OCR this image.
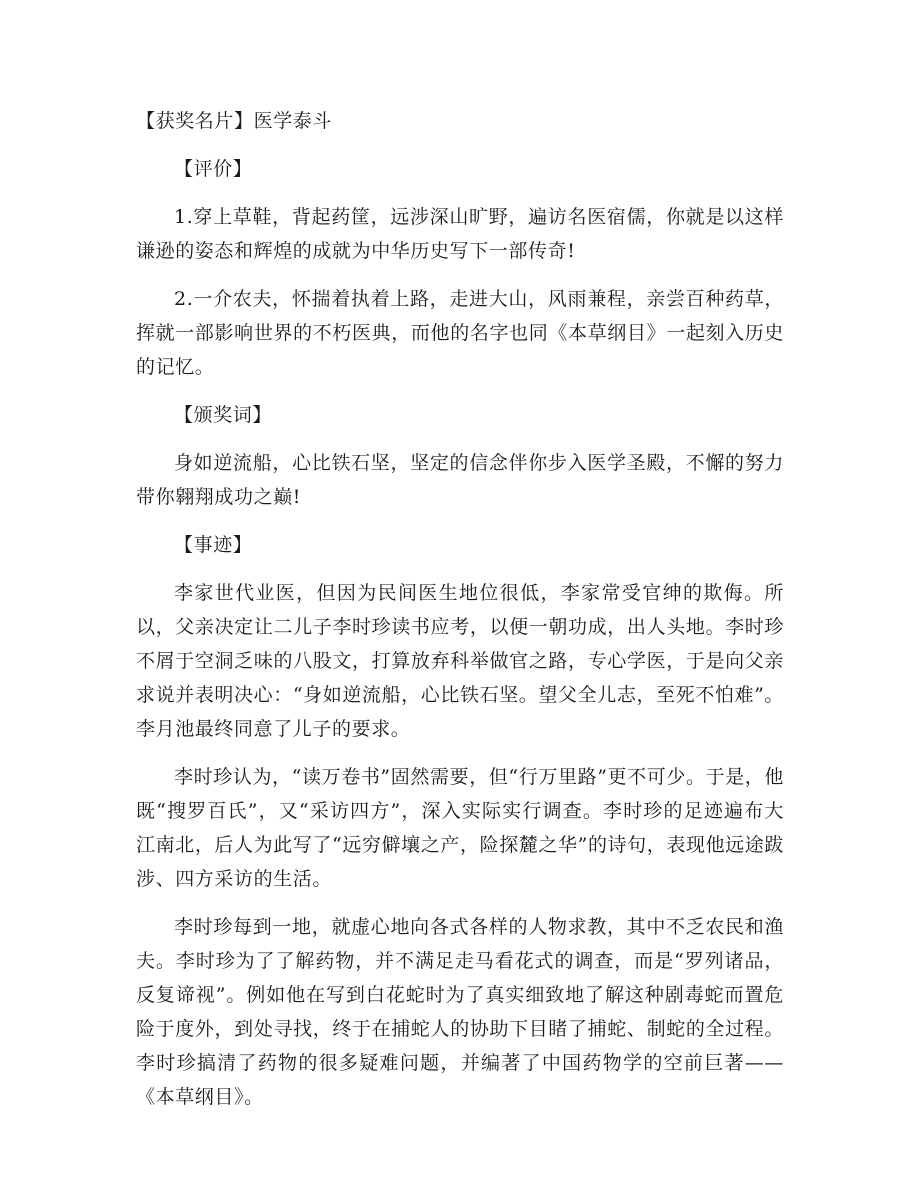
【获奖名片】医学泰斗

【评价】

1.穿上草鞋，背起药筐，远涉深山旷野，遍访名医宿儒，你就是以这样谦逊的姿态和辉煌的成就为中华历史写下一部传奇!

2.一介农夫，怀揣着执着上路，走进大山，风雨兼程，亲尝百种药草，挥就一部影响世界的不朽医典，而他的名字也同《本草纲目》一起刻入历史的记忆。

【颁奖词】

身如逆流船，心比铁石坚，坚定的信念伴你步入医学圣殿，不懈的努力带你翱翔成功之巅!

【事迹】

李家世代业医，但因为民间医生地位很低，李家常受官绅的欺侮。所以，父亲决定让二儿子李时珍读书应考，以便一朝功成，出人头地。李时珍不屑于空洞乏味的八股文，打算放弃科举做官之路，专心学医，于是向父亲求说并表明决心：“身如逆流船，心比铁石坚。望父全儿志，至死不怕难”。李月池最终同意了儿子的要求。

李时珍认为，“读万卷书”固然需要，但“行万里路”更不可少。于是，他既“搜罗百氏”，又“采访四方”，深入实际实行调查。李时珍的足迹遍布大江南北，后人为此写了“远穷僻壤之产，险探麓之华”的诗句，表现他远途跋涉、四方采访的生活。

李时珍每到一地，就虚心地向各式各样的人物求教，其中不乏农民和渔夫。李时珍为了了解药物，并不满足走马看花式的调查，而是“罗列诸品，反复谛视”。例如他在写到白花蛇时为了真实细致地了解这种剧毒蛇而置危险于度外，到处寻找，终于在捕蛇人的协助下目睹了捕蛇、制蛇的全过程。李时珍搞清了药物的很多疑难问题，并编著了中国药物学的空前巨著——《本草纲目》。
